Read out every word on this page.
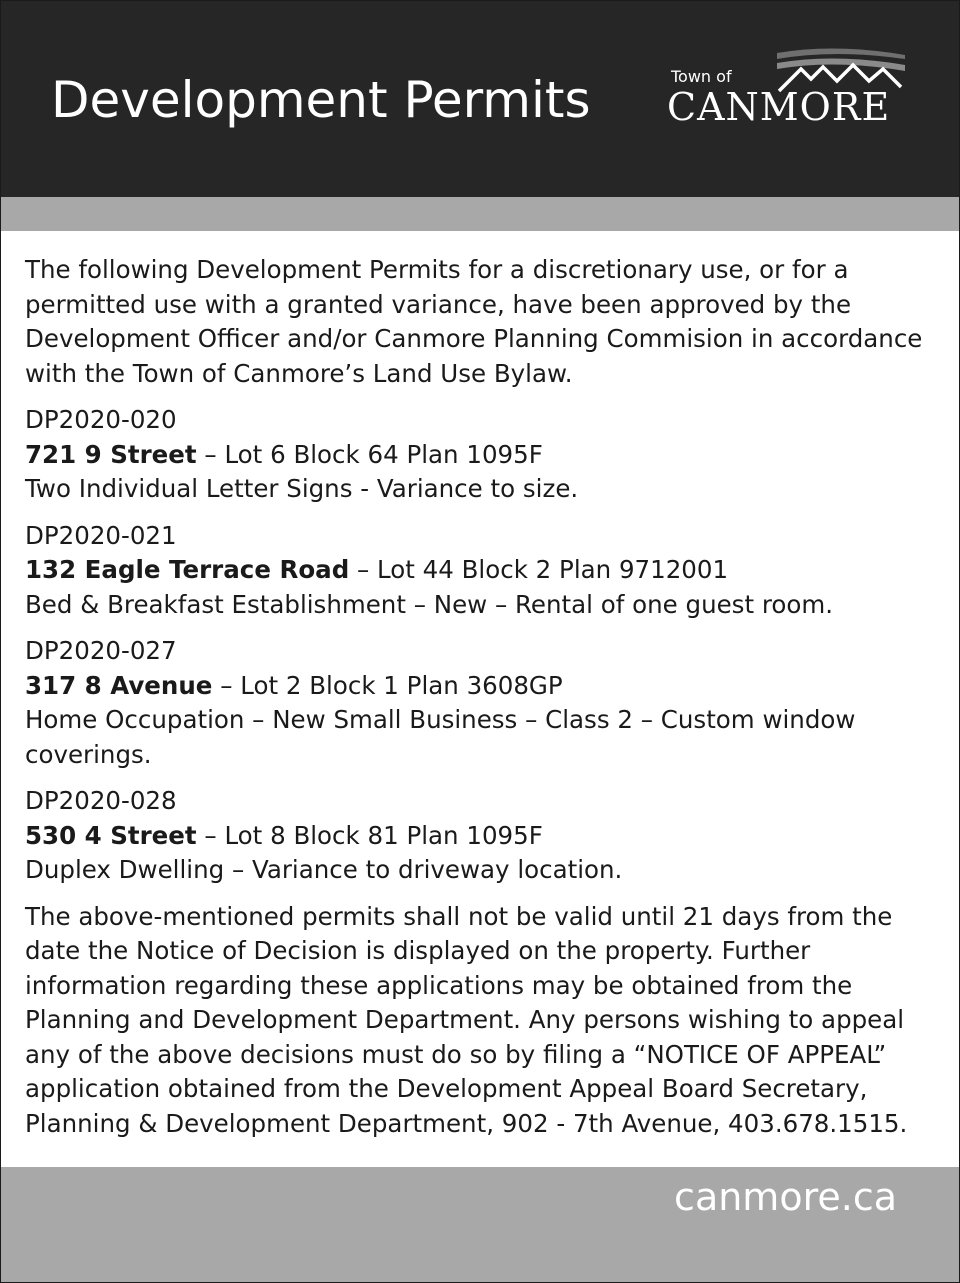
Development Permits	Town of
CANMORE

The following Development Permits for a discretionary use, or for a permitted use with a granted variance, have been approved by the Development Officer and/or Canmore Planning Commision in accordance with the Town of Canmore’s Land Use Bylaw.

DP2020-020
721 9 Street – Lot 6 Block 64 Plan 1095F
Two Individual Letter Signs - Variance to size.
DP2020-021
132 Eagle Terrace Road – Lot 44 Block 2 Plan 9712001
Bed & Breakfast Establishment – New – Rental of one guest room.
DP2020-027
317 8 Avenue – Lot 2 Block 1 Plan 3608GP
Home Occupation – New Small Business – Class 2 – Custom window coverings.
DP2020-028
530 4 Street – Lot 8 Block 81 Plan 1095F
Duplex Dwelling – Variance to driveway location.

The above-mentioned permits shall not be valid until 21 days from the date the Notice of Decision is displayed on the property. Further information regarding these applications may be obtained from the Planning and Development Department. Any persons wishing to appeal any of the above decisions must do so by filing a “NOTICE OF APPEAL” application obtained from the Development Appeal Board Secretary, Planning & Development Department, 902 - 7th Avenue, 403.678.1515.

canmore.ca
